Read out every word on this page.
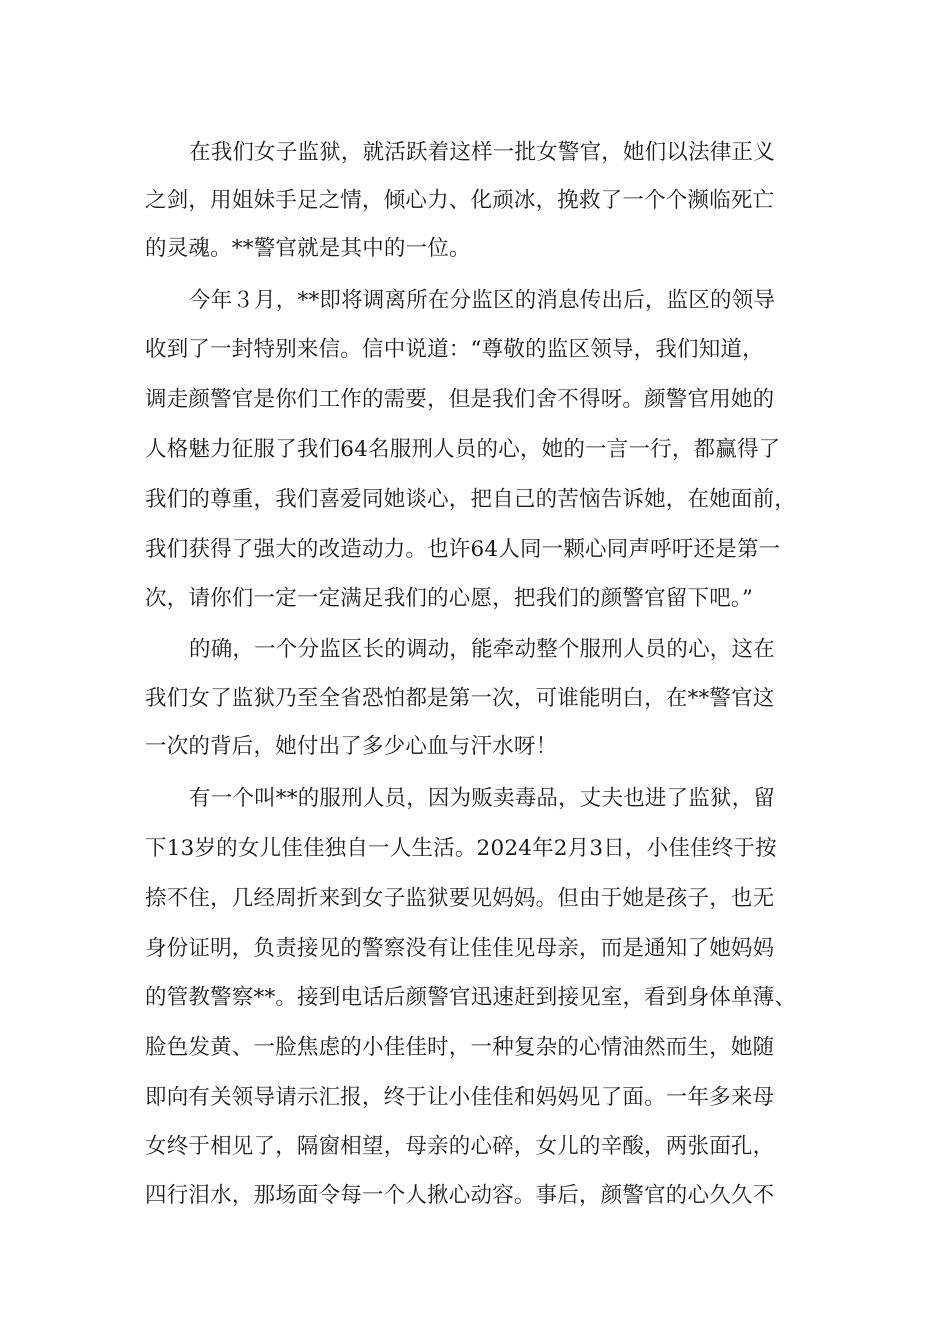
在我们女子监狱，就活跃着这样一批女警官，她们以法律正义
之剑，用姐妹手足之情，倾心力、化顽冰，挽救了一个个濒临死亡
的灵魂。**警官就是其中的一位。
今年３月，**即将调离所在分监区的消息传出后，监区的领导
收到了一封特别来信。信中说道：“尊敬的监区领导，我们知道，
调走颜警官是你们工作的需要，但是我们舍不得呀。颜警官用她的
人格魅力征服了我们64名服刑人员的心，她的一言一行，都赢得了
我们的尊重，我们喜爱同她谈心，把自己的苦恼告诉她，在她面前，
我们获得了强大的改造动力。也许64人同一颗心同声呼吁还是第一
次，请你们一定一定满足我们的心愿，把我们的颜警官留下吧。”
的确，一个分监区长的调动，能牵动整个服刑人员的心，这在
我们女了监狱乃至全省恐怕都是第一次，可谁能明白，在**警官这
一次的背后，她付出了多少心血与汗水呀！
有一个叫**的服刑人员，因为贩卖毒品，丈夫也进了监狱，留
下13岁的女儿佳佳独自一人生活。2024年2月3日，小佳佳终于按
捺不住，几经周折来到女子监狱要见妈妈。但由于她是孩子，也无
身份证明，负责接见的警察没有让佳佳见母亲，而是通知了她妈妈
的管教警察**。接到电话后颜警官迅速赶到接见室，看到身体单薄、
脸色发黄、一脸焦虑的小佳佳时，一种复杂的心情油然而生，她随
即向有关领导请示汇报，终于让小佳佳和妈妈见了面。一年多来母
女终于相见了，隔窗相望，母亲的心碎，女儿的辛酸，两张面孔，
四行泪水，那场面令每一个人揪心动容。事后，颜警官的心久久不
